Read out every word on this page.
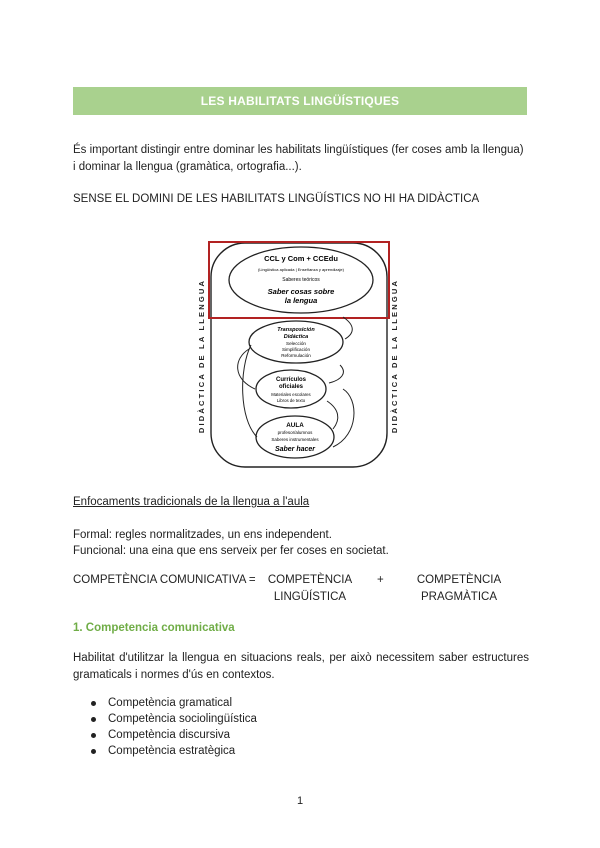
LES HABILITATS LINGÜÍSTIQUES
És important distingir entre dominar les habilitats lingüístiques (fer coses amb la llengua) i dominar la llengua (gramàtica, ortografia...).
SENSE EL DOMINI DE LES HABILITATS LINGÜÍSTICS NO HI HA DIDÀCTICA
DIDÀCTICA DE LA LLENGUA	DIDÀCTICA DE LA LLENGUA
CCL y Com + CCEdu
(Lingüística aplicada | Enseñanza y aprendizaje)
Saberes teóricos
Saber cosas sobre
la lengua
Transposición
Didáctica
Selección
Simplificación
Reformulación
Currículos
oficiales
Materiales escolares
Libros de texto
AULA
profesor/alumnos
Saberes instrumentales
Saber hacer
Enfocaments tradicionals de la llengua a l'aula
Formal: regles normalitzades, un ens independent.
Funcional: una eina que ens serveix per fer coses en societat.
COMPETÈNCIA COMUNICATIVA = COMPETÈNCIA
LINGÜÍSTICA
+	COMPETÈNCIA
PRAGMÀTICA
1. Competencia comunicativa
Habilitat d'utilitzar la llengua en situacions reals, per això necessitem saber estructures gramaticals i normes d'ús en contextos.
Competència gramatical
Competència sociolingüística
Competència discursiva
Competència estratègica
1
